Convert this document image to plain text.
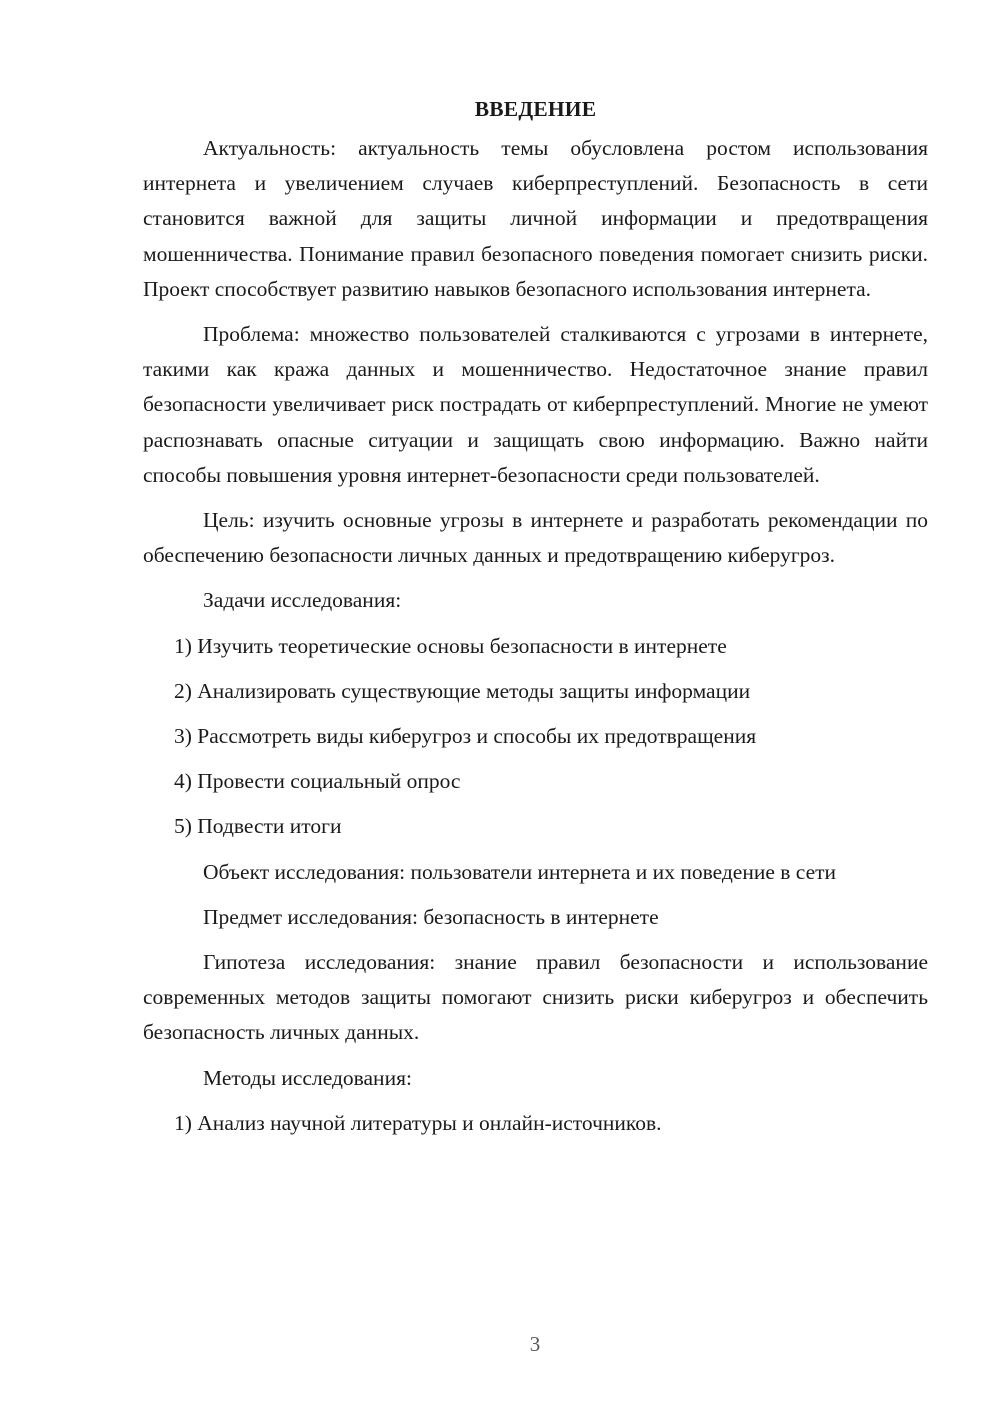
ВВЕДЕНИЕ

Актуальность: актуальность темы обусловлена ростом использования интернета и увеличением случаев киберпреступлений. Безопасность в сети становится важной для защиты личной информации и предотвращения мошенничества. Понимание правил безопасного поведения помогает снизить риски. Проект способствует развитию навыков безопасного использования интернета.

Проблема: множество пользователей сталкиваются с угрозами в интернете, такими как кража данных и мошенничество. Недостаточное знание правил безопасности увеличивает риск пострадать от киберпреступлений. Многие не умеют распознавать опасные ситуации и защищать свою информацию. Важно найти способы повышения уровня интернет-безопасности среди пользователей.

Цель: изучить основные угрозы в интернете и разработать рекомендации по обеспечению безопасности личных данных и предотвращению киберугроз.

Задачи исследования:

1) Изучить теоретические основы безопасности в интернете
2) Анализировать существующие методы защиты информации
3) Рассмотреть виды киберугроз и способы их предотвращения
4) Провести социальный опрос
5) Подвести итоги

Объект исследования: пользователи интернета и их поведение в сети

Предмет исследования: безопасность в интернете

Гипотеза исследования: знание правил безопасности и использование современных методов защиты помогают снизить риски киберугроз и обеспечить безопасность личных данных.

Методы исследования:

1) Анализ научной литературы и онлайн-источников.
3
